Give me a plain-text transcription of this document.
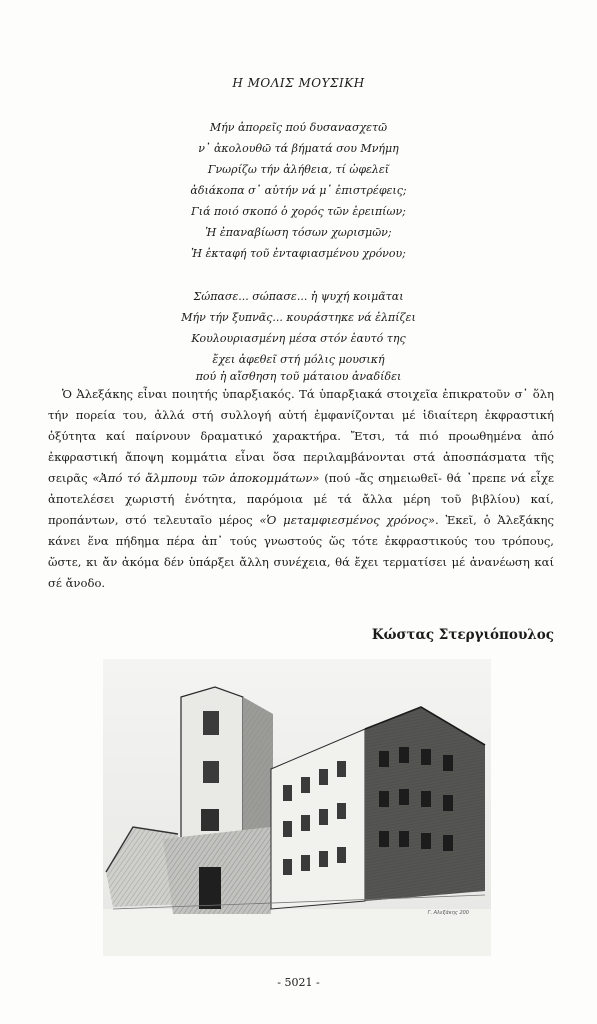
Η ΜΟΛΙΣ ΜΟΥΣΙΚΗ
Μήν ἀπορεῖς πού δυσανασχετῶ
ν᾿ ἀκολουθῶ τά βήματά σου Μνήμη
Γνωρίζω τήν ἀλήθεια, τί ὠφελεῖ
ἀδιάκοπα σ᾿ αὐτήν νά μ᾿ ἐπιστρέφεις;
Γιά ποιό σκοπό ὁ χορός τῶν ἐρειπίων;
Ἡ ἐπαναβίωση τόσων χωρισμῶν;
Ἡ ἐκταφή τοῦ ἐνταφιασμένου χρόνου;
Σώπασε... σώπασε... ἡ ψυχή κοιμᾶται
Μήν τήν ξυπνᾶς... κουράστηκε νά ἐλπίζει
Κουλουριασμένη μέσα στόν ἑαυτό της
ἔχει ἀφεθεῖ στή μόλις μουσική
πού ἡ αἴσθηση τοῦ μάταιου ἀναδίδει

Ὁ Ἀλεξάκης εἶναι ποιητής ὑπαρξιακός. Τά ὑπαρξιακά στοιχεῖα ἐπικρατοῦν σ᾿ ὅλη τήν πορεία του, ἀλλά στή συλλογή αὐτή ἐμφανίζονται μέ ἰδιαίτερη ἐκφραστική ὀξύτητα καί παίρνουν δραματικό χαρακτήρα. Ἔτσι, τά πιό προωθημένα ἀπό ἐκφραστική ἄποψη κομμάτια εἶναι ὅσα περιλαμβάνονται στά ἀποσπάσματα τῆς σειρᾶς «Ἀπό τό ἄλμπουμ τῶν ἀποκομμάτων» (πού -ἄς σημειωθεῖ- θά ᾿πρεπε νά εἶχε ἀποτελέσει χωριστή ἑνότητα, παρόμοια μέ τά ἄλλα μέρη τοῦ βιβλίου) καί, προπάντων, στό τελευταῖο μέρος «Ὁ μεταμφιεσμένος χρόνος». Ἐκεῖ, ὁ Ἀλεξάκης κάνει ἕνα πήδημα πέρα ἀπ᾿ τούς γνωστούς ὥς τότε ἐκφραστικούς του τρόπους, ὥστε, κι ἄν ἀκόμα δέν ὑπάρξει ἄλλη συνέχεια, θά ἔχει τερματίσει μέ ἀνανέωση καί σέ ἄνοδο.

Κώστας Στεργιόπουλος
Γ. Αλεξάκης 200
- 5021 -
